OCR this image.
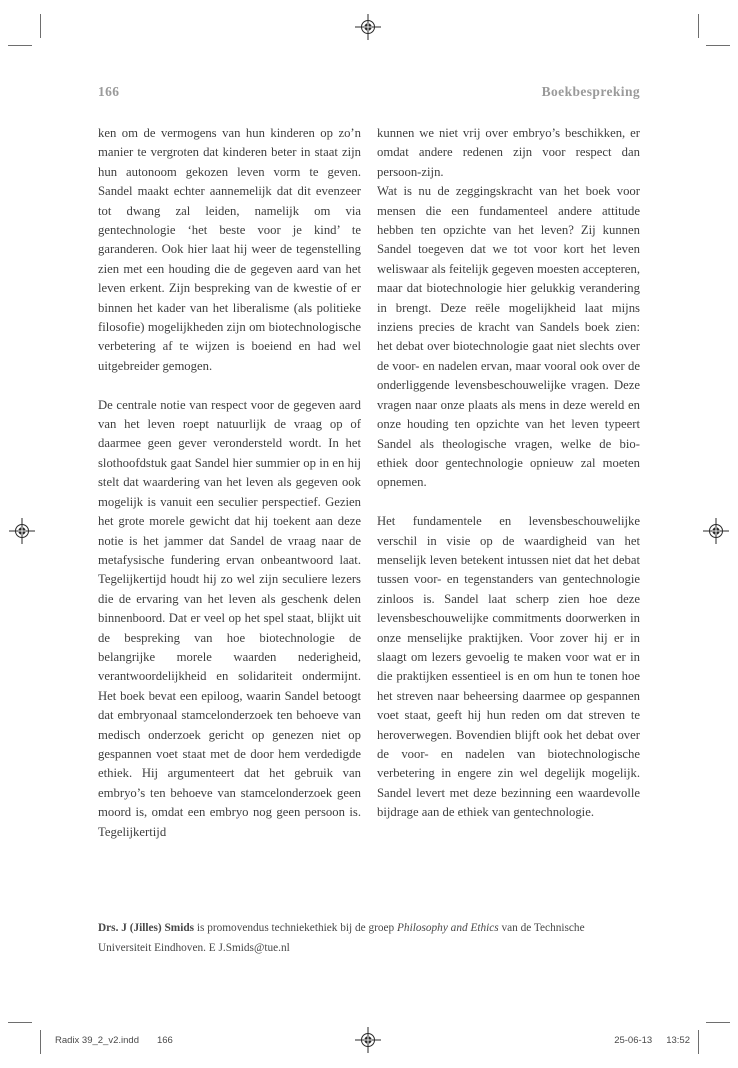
166	Boekbespreking

ken om de vermogens van hun kinderen op zo’n manier te vergroten dat kinderen beter in staat zijn hun autonoom gekozen leven vorm te geven. Sandel maakt echter aannemelijk dat dit evenzeer tot dwang zal leiden, namelijk om via gentechnologie ‘het beste voor je kind’ te garanderen. Ook hier laat hij weer de tegenstelling zien met een houding die de gegeven aard van het leven erkent. Zijn bespreking van de kwestie of er binnen het kader van het liberalisme (als politieke filosofie) mogelijkheden zijn om biotechnologische verbetering af te wijzen is boeiend en had wel uitgebreider gemogen.

De centrale notie van respect voor de gegeven aard van het leven roept natuurlijk de vraag op of daarmee geen gever verondersteld wordt. In het slothoofdstuk gaat Sandel hier summier op in en hij stelt dat waardering van het leven als gegeven ook mogelijk is vanuit een seculier perspectief. Gezien het grote morele gewicht dat hij toekent aan deze notie is het jammer dat Sandel de vraag naar de metafysische fundering ervan onbeantwoord laat. Tegelijkertijd houdt hij zo wel zijn seculiere lezers die de ervaring van het leven als geschenk delen binnenboord. Dat er veel op het spel staat, blijkt uit de bespreking van hoe biotechnologie de belangrijke morele waarden nederigheid, verantwoordelijkheid en solidariteit ondermijnt. Het boek bevat een epiloog, waarin Sandel betoogt dat embryonaal stamcelonderzoek ten behoeve van medisch onderzoek gericht op genezen niet op gespannen voet staat met de door hem verdedigde ethiek. Hij argumenteert dat het gebruik van embryo’s ten behoeve van stamcelonderzoek geen moord is, omdat een embryo nog geen persoon is. Tegelijkertijd

kunnen we niet vrij over embryo’s beschikken, er omdat andere redenen zijn voor respect dan persoon-zijn.

Wat is nu de zeggingskracht van het boek voor mensen die een fundamenteel andere attitude hebben ten opzichte van het leven? Zij kunnen Sandel toegeven dat we tot voor kort het leven weliswaar als feitelijk gegeven moesten accepteren, maar dat biotechnologie hier gelukkig verandering in brengt. Deze reële mogelijkheid laat mijns inziens precies de kracht van Sandels boek zien: het debat over biotechnologie gaat niet slechts over de voor- en nadelen ervan, maar vooral ook over de onderliggende levensbeschouwelijke vragen. Deze vragen naar onze plaats als mens in deze wereld en onze houding ten opzichte van het leven typeert Sandel als theologische vragen, welke de bio-ethiek door gentechnologie opnieuw zal moeten opnemen.

Het fundamentele en levensbeschouwelijke verschil in visie op de waardigheid van het menselijk leven betekent intussen niet dat het debat tussen voor- en tegenstanders van gentechnologie zinloos is. Sandel laat scherp zien hoe deze levensbeschouwelijke commitments doorwerken in onze menselijke praktijken. Voor zover hij er in slaagt om lezers gevoelig te maken voor wat er in die praktijken essentieel is en om hun te tonen hoe het streven naar beheersing daarmee op gespannen voet staat, geeft hij hun reden om dat streven te heroverwegen. Bovendien blijft ook het debat over de voor- en nadelen van biotechnologische verbetering in engere zin wel degelijk mogelijk. Sandel levert met deze bezinning een waardevolle bijdrage aan de ethiek van gentechnologie.

Drs. J (Jilles) Smids is promovendus techniekethiek bij de groep Philosophy and Ethics van de Technische Universiteit Eindhoven. E J.Smids@tue.nl
Radix 39_2_v2.indd 166	25-06-13 13:52
